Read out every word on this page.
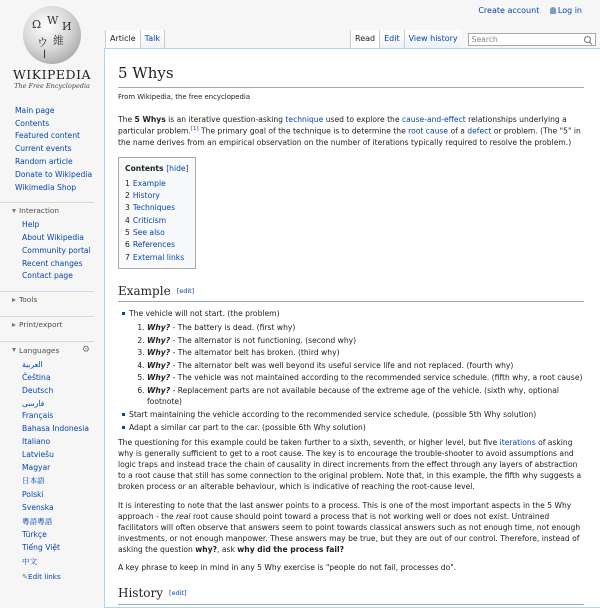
Create account Log in
Ω W И
ウ 維
ا
WIKIPEDIA
The Free Encyclopedia
Main page
Contents
Featured content
Current events
Random article
Donate to Wikipedia
Wikimedia Shop
Interaction
Help
About Wikipedia
Community portal
Recent changes
Contact page
Tools
Print/export
Languages	⚙
العربية
Čeština
Deutsch
فارسی
Français
Bahasa Indonesia
Italiano
Latviešu
Magyar
日本語
Polski
Svenska
粵語粵語
Türkçe
Tiếng Việt
中文
✎Edit links
Article	Talk	Read	Edit	View history	Search
5 Whys
From Wikipedia, the free encyclopedia

The 5 Whys is an iterative question-asking technique used to explore the cause-and-effect relationships underlying a particular problem.[1] The primary goal of the technique is to determine the root cause of a defect or problem. (The "5" in the name derives from an empirical observation on the number of iterations typically required to resolve the problem.)

Contents [hide]
1 Example
2 History
3 Techniques
4 Criticism
5 See also
6 References
7 External links
Example [edit]
The vehicle will not start. (the problem)
1. Why? - The battery is dead. (first why)
2. Why? - The alternator is not functioning. (second why)
3. Why? - The alternator belt has broken. (third why)
4. Why? - The alternator belt was well beyond its useful service life and not replaced. (fourth why)
5. Why? - The vehicle was not maintained according to the recommended service schedule. (fifth why, a root cause)
6. Why? - Replacement parts are not available because of the extreme age of the vehicle. (sixth why, optional footnote)
Start maintaining the vehicle according to the recommended service schedule. (possible 5th Why solution)
Adapt a similar car part to the car. (possible 6th Why solution)

The questioning for this example could be taken further to a sixth, seventh, or higher level, but five iterations of asking why is generally sufficient to get to a root cause. The key is to encourage the trouble-shooter to avoid assumptions and logic traps and instead trace the chain of causality in direct increments from the effect through any layers of abstraction to a root cause that still has some connection to the original problem. Note that, in this example, the fifth why suggests a broken process or an alterable behaviour, which is indicative of reaching the root-cause level.

It is interesting to note that the last answer points to a process. This is one of the most important aspects in the 5 Why approach - the real root cause should point toward a process that is not working well or does not exist. Untrained facilitators will often observe that answers seem to point towards classical answers such as not enough time, not enough investments, or not enough manpower. These answers may be true, but they are out of our control. Therefore, instead of asking the question why?, ask why did the process fail?

A key phrase to keep in mind in any 5 Why exercise is "people do not fail, processes do".

History [edit]
